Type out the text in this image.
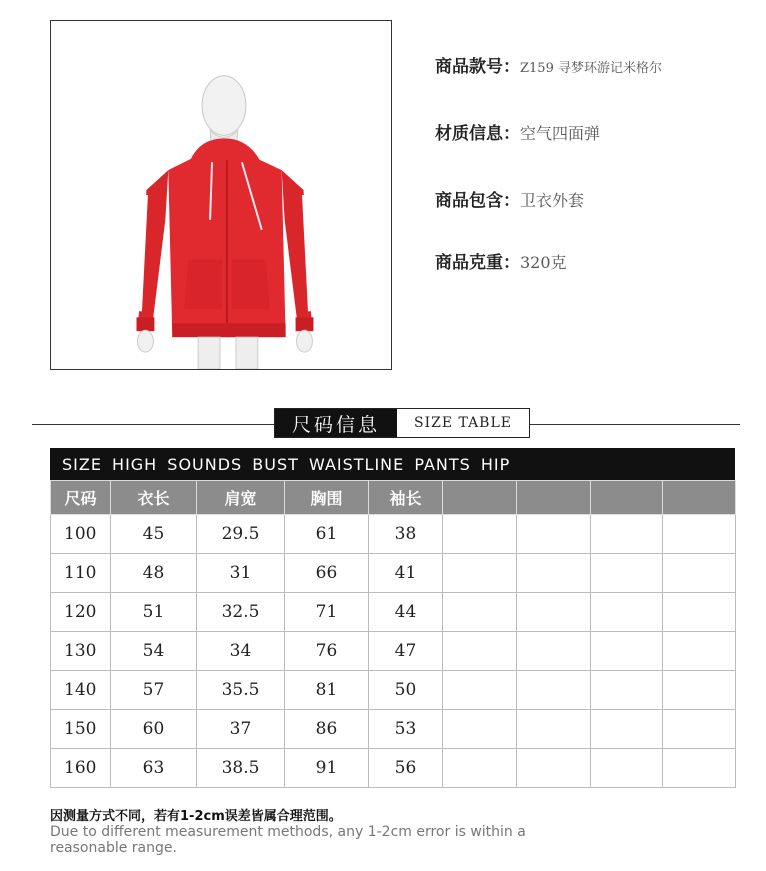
商品款号：Z159 寻梦环游记米格尔
材质信息：空气四面弹
商品包含：卫衣外套
商品克重：320克
尺码信息	SIZE TABLE
SIZE HIGH SOUNDS BUST WAISTLINE PANTS HIP
尺码	衣长	肩宽	胸围	袖长				
100	45	29.5	61	38				
110	48	31	66	41				
120	51	32.5	71	44				
130	54	34	76	47				
140	57	35.5	81	50				
150	60	37	86	53				
160	63	38.5	91	56				
因测量方式不同，若有1-2cm误差皆属合理范围。
Due to different measurement methods, any 1-2cm error is within a reasonable range.
